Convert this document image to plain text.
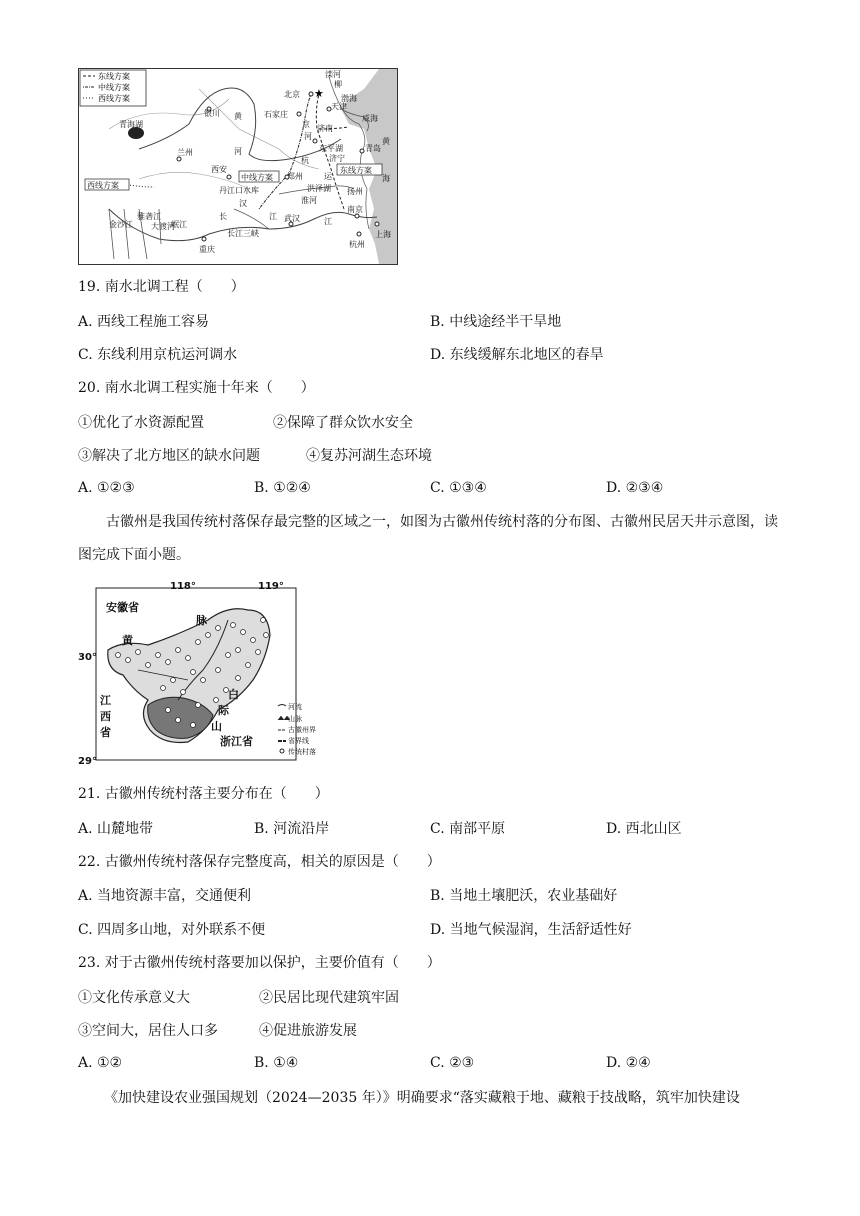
东线方案
中线方案
西线方案	★
青海湖
兰州
银川 黄
河
西安
北京
天津
石家庄
渤海
威海
青岛
黄
海
济南
东平湖
济宁
郑州
洪泽湖
淮河
丹江口水库
汉
中线方案
东线方案
西线方案
金沙江
雅砻江
大渡河
岷江
长	江
长江三峡
武汉
南京
上海
杭州
重庆
滦河
京
杭
运
江
扬州
河
柳
19. 南水北调工程（　　）
A. 西线工程施工容易	B. 中线途经半干旱地
C. 东线利用京杭运河调水	D. 东线缓解东北地区的春旱
20. 南水北调工程实施十年来（　　）
①优化了水资源配置	②保障了群众饮水安全
③解决了北方地区的缺水问题	④复苏河湖生态环境
A. ①②③	B. ①②④	C. ①③④	D. ②③④
古徽州是我国传统村落保存最完整的区域之一，如图为古徽州传统村落的分布图、古徽州民居天井示意图，读图完成下面小题。
118°	119°
30°
29°
安徽省
黄
脉
白
际
山
江
西
省
浙江省
河流
山脉
古徽州界
省界线
传统村落
21. 古徽州传统村落主要分布在（　　）
A. 山麓地带	B. 河流沿岸	C. 南部平原	D. 西北山区
22. 古徽州传统村落保存完整度高，相关的原因是（　　）
A. 当地资源丰富，交通便利	B. 当地土壤肥沃，农业基础好
C. 四周多山地，对外联系不便	D. 当地气候湿润，生活舒适性好
23. 对于古徽州传统村落要加以保护，主要价值有（　　）
①文化传承意义大	②民居比现代建筑牢固
③空间大，居住人口多	④促进旅游发展
A. ①②	B. ①④	C. ②③	D. ②④
《加快建设农业强国规划（2024—2035 年）》明确要求“落实藏粮于地、藏粮于技战略，筑牢加快建设
